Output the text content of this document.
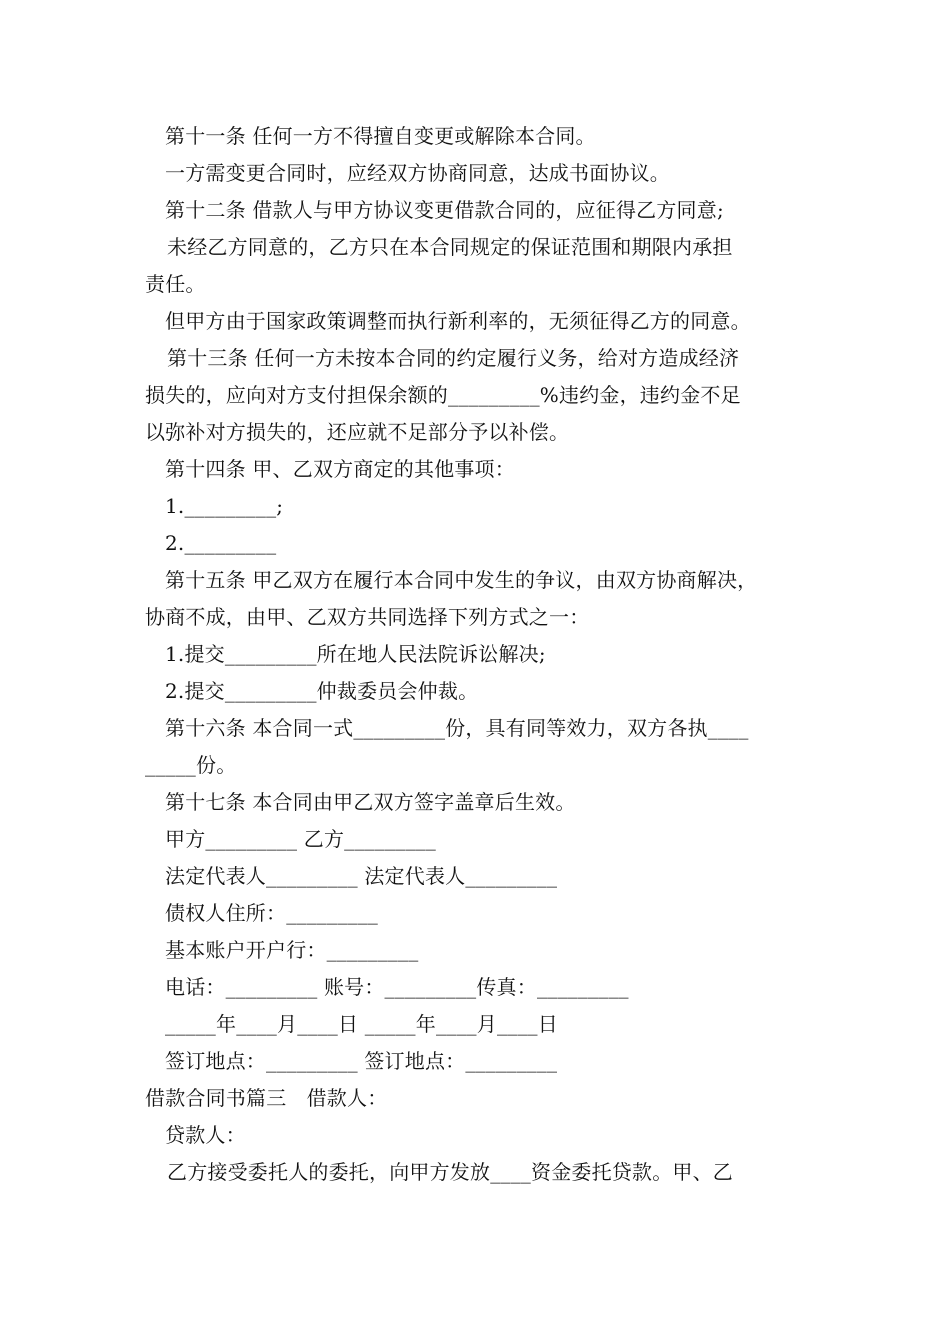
第十一条 任何一方不得擅自变更或解除本合同。
一方需变更合同时，应经双方协商同意，达成书面协议。
第十二条 借款人与甲方协议变更借款合同的，应征得乙方同意;
未经乙方同意的，乙方只在本合同规定的保证范围和期限内承担
责任。
但甲方由于国家政策调整而执行新利率的，无须征得乙方的同意。
第十三条 任何一方未按本合同的约定履行义务，给对方造成经济
损失的，应向对方支付担保余额的_________%违约金，违约金不足
以弥补对方损失的，还应就不足部分予以补偿。
第十四条 甲、乙双方商定的其他事项：
1._________;
2._________
第十五条 甲乙双方在履行本合同中发生的争议，由双方协商解决，
协商不成，由甲、乙双方共同选择下列方式之一：
1.提交_________所在地人民法院诉讼解决;
2.提交_________仲裁委员会仲裁。
第十六条 本合同一式_________份，具有同等效力，双方各执____
_____份。
第十七条 本合同由甲乙双方签字盖章后生效。
甲方_________ 乙方_________
法定代表人_________ 法定代表人_________
债权人住所：_________
基本账户开户行：_________
电话：_________ 账号：_________传真：_________
_____年____月____日 _____年____月____日
签订地点：_________ 签订地点：_________
借款合同书篇三　借款人：
贷款人：
乙方接受委托人的委托，向甲方发放____资金委托贷款。甲、乙
